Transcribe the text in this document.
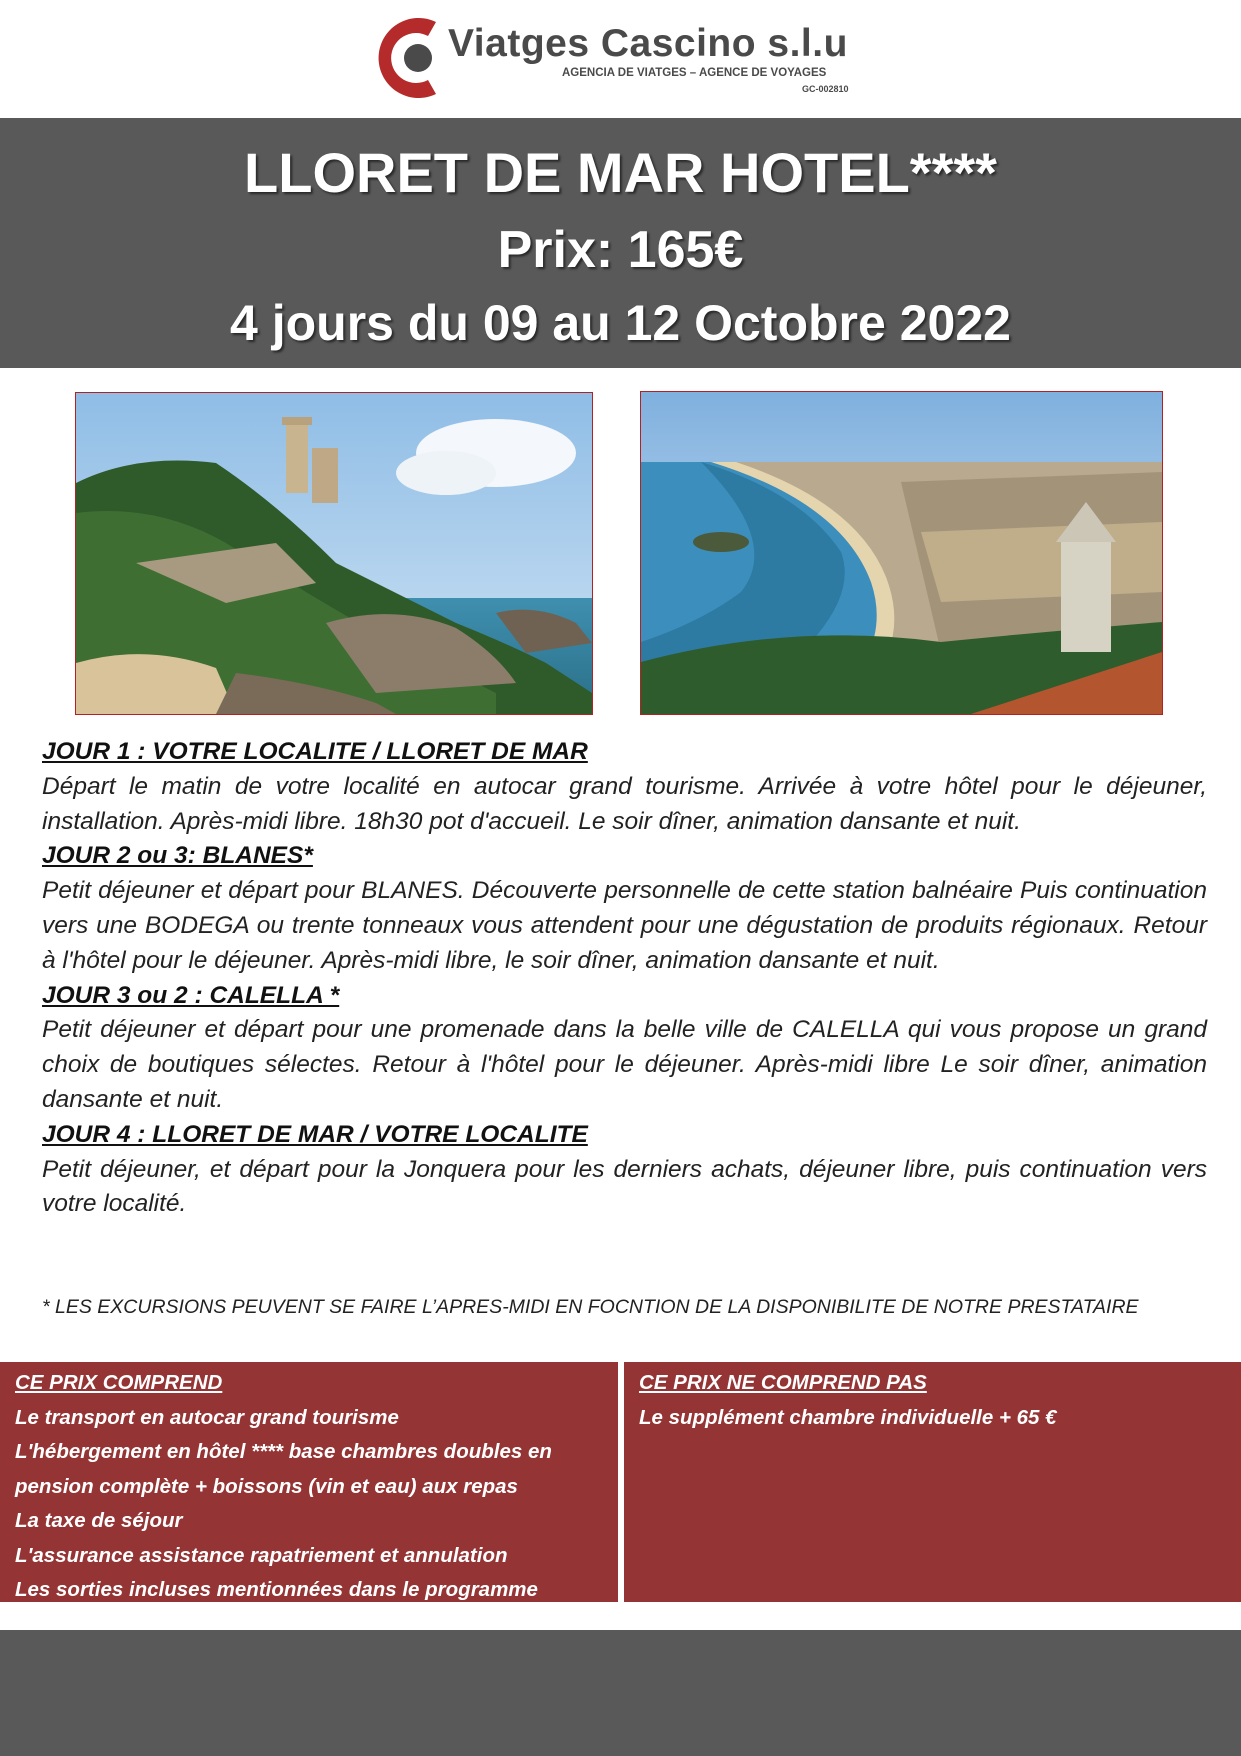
Viatges Cascino s.l.u
AGENCIA DE VIATGES – AGENCE DE VOYAGES
GC-002810
LLORET DE MAR HOTEL****
Prix: 165€
4 jours du 09 au 12 Octobre 2022
JOUR 1 : VOTRE LOCALITE / LLORET DE MAR

Départ le matin de votre localité en autocar grand tourisme. Arrivée à votre hôtel pour le déjeuner, installation. Après-midi libre. 18h30 pot d'accueil. Le soir dîner, animation dansante et nuit.

JOUR 2 ou 3: BLANES*

Petit déjeuner et départ pour BLANES. Découverte personnelle de cette station balnéaire Puis continuation vers une BODEGA ou trente tonneaux vous attendent pour une dégustation de produits régionaux. Retour à l'hôtel pour le déjeuner. Après-midi libre, le soir dîner, animation dansante et nuit.

JOUR 3 ou 2 : CALELLA *

Petit déjeuner et départ pour une promenade dans la belle ville de CALELLA qui vous propose un grand choix de boutiques sélectes. Retour à l'hôtel pour le déjeuner. Après-midi libre Le soir dîner, animation dansante et nuit.

JOUR 4 : LLORET DE MAR / VOTRE LOCALITE

Petit déjeuner, et départ pour la Jonquera pour les derniers achats, déjeuner libre, puis continuation vers votre localité.

* LES EXCURSIONS PEUVENT SE FAIRE L’APRES-MIDI EN FOCNTION DE LA DISPONIBILITE DE NOTRE PRESTATAIRE
CE PRIX COMPREND
Le transport en autocar grand tourisme
L'hébergement en hôtel **** base chambres doubles en pension complète + boissons (vin et eau) aux repas
La taxe de séjour
L'assurance assistance rapatriement et annulation
Les sorties incluses mentionnées dans le programme
CE PRIX NE COMPREND PAS
Le supplément chambre individuelle + 65 €
